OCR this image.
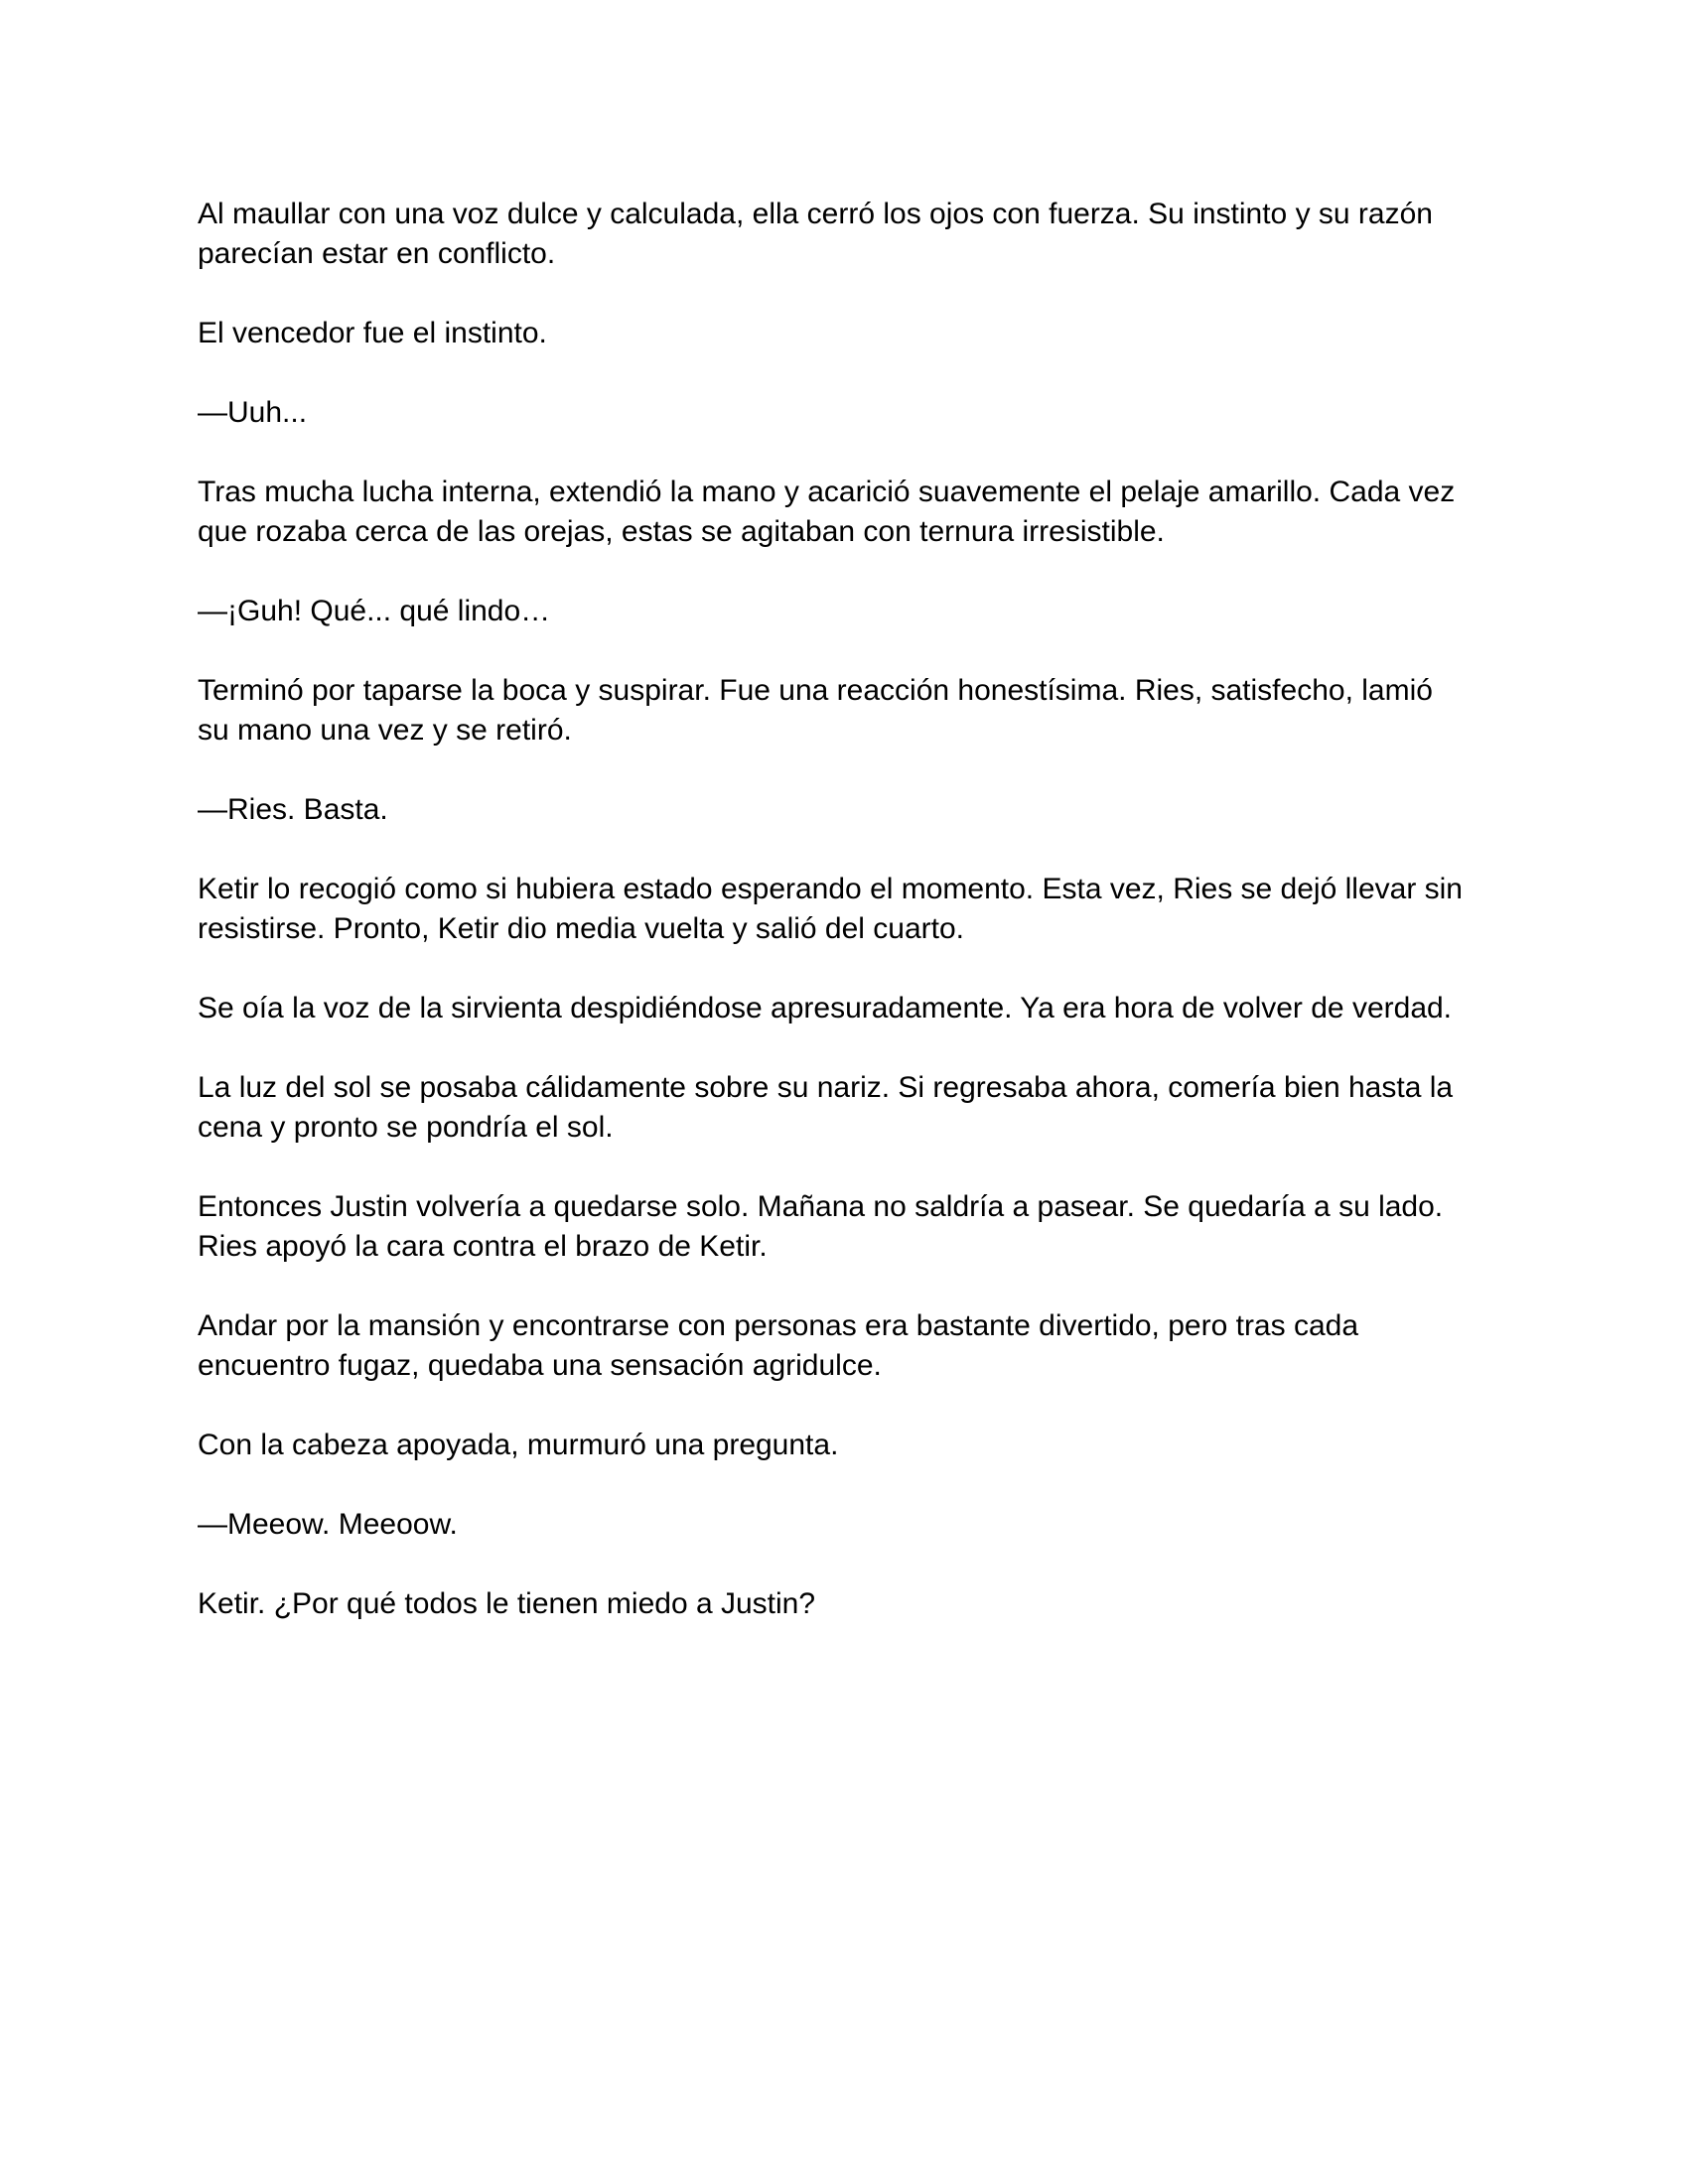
Al maullar con una voz dulce y calculada, ella cerró los ojos con fuerza. Su instinto y su razón
parecían estar en conflicto.

El vencedor fue el instinto.

—Uuh...

Tras mucha lucha interna, extendió la mano y acarició suavemente el pelaje amarillo. Cada vez
que rozaba cerca de las orejas, estas se agitaban con ternura irresistible.

—¡Guh! Qué... qué lindo…

Terminó por taparse la boca y suspirar. Fue una reacción honestísima. Ries, satisfecho, lamió
su mano una vez y se retiró.

—Ries. Basta.

Ketir lo recogió como si hubiera estado esperando el momento. Esta vez, Ries se dejó llevar sin
resistirse. Pronto, Ketir dio media vuelta y salió del cuarto.

Se oía la voz de la sirvienta despidiéndose apresuradamente. Ya era hora de volver de verdad.

La luz del sol se posaba cálidamente sobre su nariz. Si regresaba ahora, comería bien hasta la
cena y pronto se pondría el sol.

Entonces Justin volvería a quedarse solo. Mañana no saldría a pasear. Se quedaría a su lado.
Ries apoyó la cara contra el brazo de Ketir.

Andar por la mansión y encontrarse con personas era bastante divertido, pero tras cada
encuentro fugaz, quedaba una sensación agridulce.

Con la cabeza apoyada, murmuró una pregunta.

—Meeow. Meeoow.

Ketir. ¿Por qué todos le tienen miedo a Justin?
